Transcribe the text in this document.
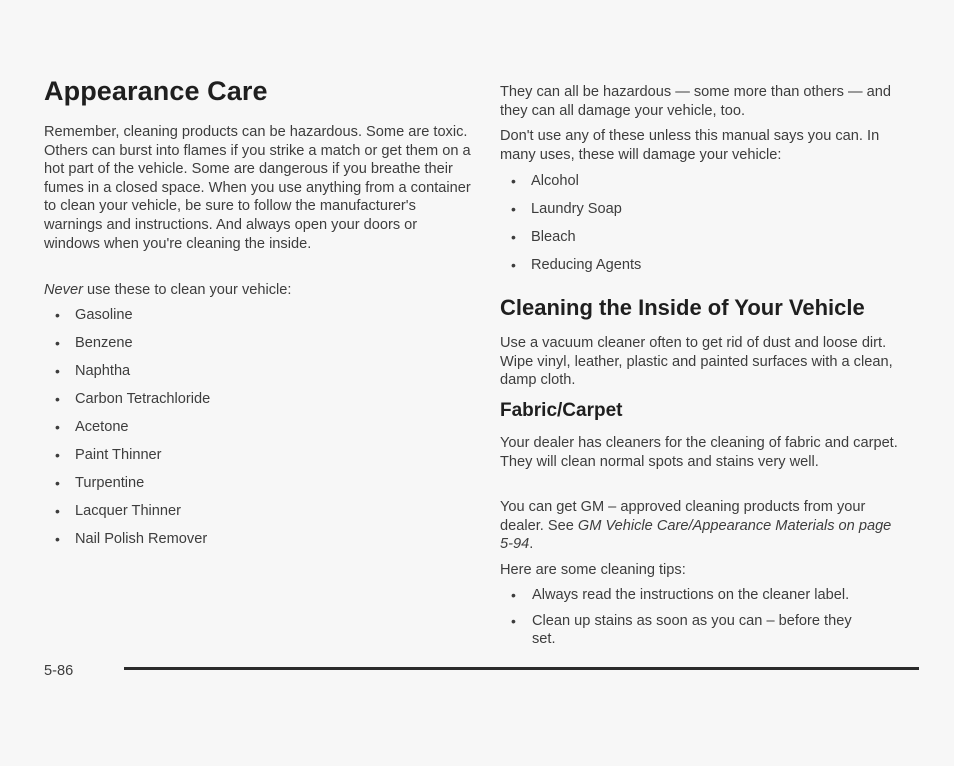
Appearance Care

Remember, cleaning products can be hazardous. Some are toxic. Others can burst into flames if you strike a match or get them on a hot part of the vehicle. Some are dangerous if you breathe their fumes in a closed space. When you use anything from a container to clean your vehicle, be sure to follow the manufacturer's warnings and instructions. And always open your doors or windows when you're cleaning the inside.

Never use these to clean your vehicle:

• Gasoline
• Benzene
• Naphtha
• Carbon Tetrachloride
• Acetone
• Paint Thinner
• Turpentine
• Lacquer Thinner
• Nail Polish Remover

They can all be hazardous — some more than others — and they can all damage your vehicle, too.

Don't use any of these unless this manual says you can. In many uses, these will damage your vehicle:

• Alcohol
• Laundry Soap
• Bleach
• Reducing Agents
Cleaning the Inside of Your Vehicle

Use a vacuum cleaner often to get rid of dust and loose dirt. Wipe vinyl, leather, plastic and painted surfaces with a clean, damp cloth.

Fabric/Carpet

Your dealer has cleaners for the cleaning of fabric and carpet. They will clean normal spots and stains very well.

You can get GM – approved cleaning products from your dealer. See GM Vehicle Care/Appearance Materials on page 5-94.

Here are some cleaning tips:

• Always read the instructions on the cleaner label.
• Clean up stains as soon as you can – before they set.
5-86
